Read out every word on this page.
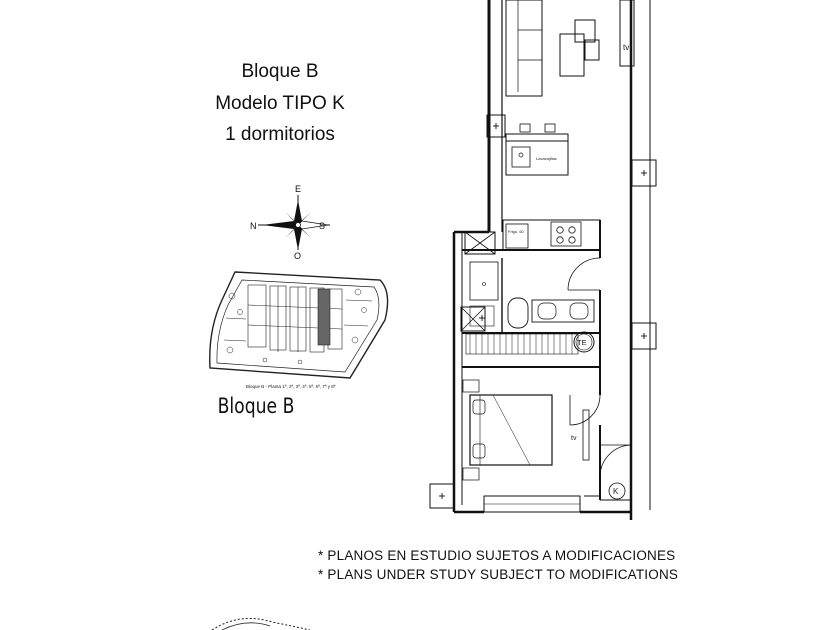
Bloque B
Modelo TIPO K
1 dormitorios
N
E
S
O
Bloque B - Planta 1ª, 2ª, 3ª, 4ª, 5ª, 6ª, 7ª y 8ª
tv
Lavavajillas
Frigo. 60
TE
tv
K
Bloque B
* PLANOS EN ESTUDIO SUJETOS A MODIFICACIONES
* PLANS UNDER STUDY SUBJECT TO MODIFICATIONS
